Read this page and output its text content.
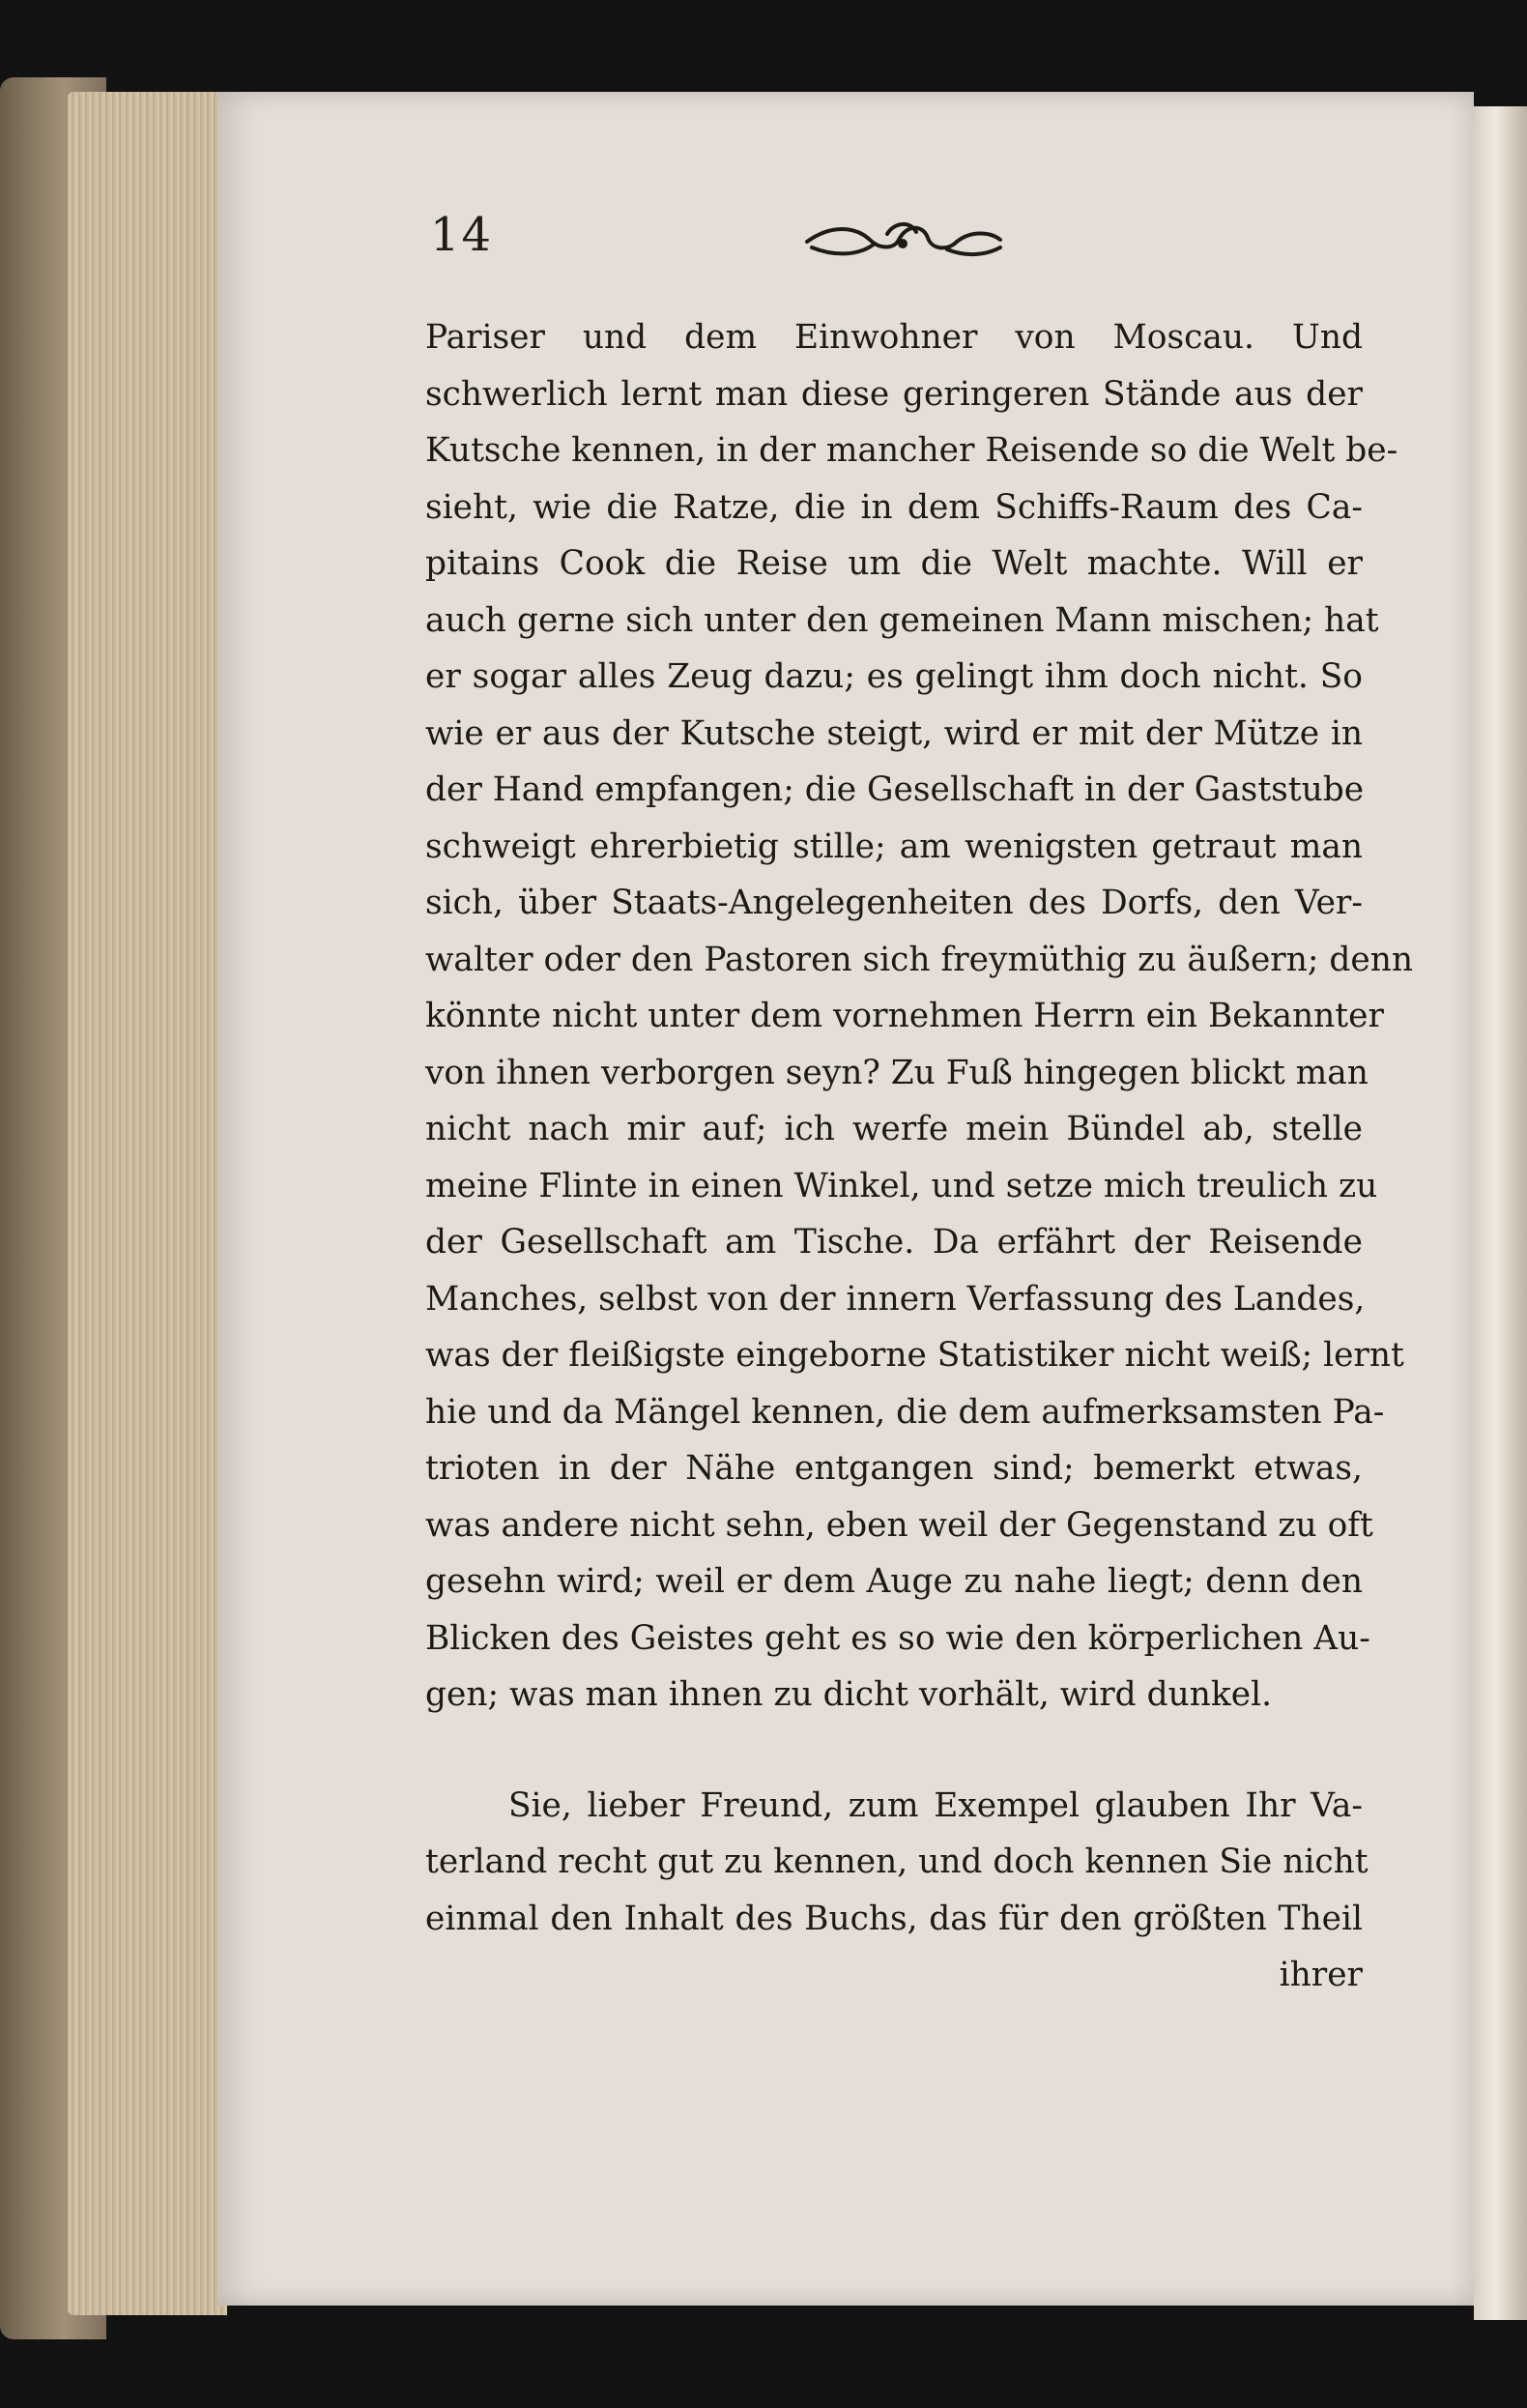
14
Pariser und dem Einwohner von Moscau. Und
schwerlich lernt man diese geringeren Stände aus der
Kutsche kennen, in der mancher Reisende so die Welt be-
sieht, wie die Ratze, die in dem Schiffs-Raum des Ca-
pitains Cook die Reise um die Welt machte. Will er
auch gerne sich unter den gemeinen Mann mischen; hat
er sogar alles Zeug dazu; es gelingt ihm doch nicht. So
wie er aus der Kutsche steigt, wird er mit der Mütze in
der Hand empfangen; die Gesellschaft in der Gaststube
schweigt ehrerbietig stille; am wenigsten getraut man
sich, über Staats-Angelegenheiten des Dorfs, den Ver-
walter oder den Pastoren sich freymüthig zu äußern; denn
könnte nicht unter dem vornehmen Herrn ein Bekannter
von ihnen verborgen seyn? Zu Fuß hingegen blickt man
nicht nach mir auf; ich werfe mein Bündel ab, stelle
meine Flinte in einen Winkel, und setze mich treulich zu
der Gesellschaft am Tische. Da erfährt der Reisende
Manches, selbst von der innern Verfassung des Landes,
was der fleißigste eingeborne Statistiker nicht weiß; lernt
hie und da Mängel kennen, die dem aufmerksamsten Pa-
trioten in der Nähe entgangen sind; bemerkt etwas,
was andere nicht sehn, eben weil der Gegenstand zu oft
gesehn wird; weil er dem Auge zu nahe liegt; denn den
Blicken des Geistes geht es so wie den körperlichen Au-
gen; was man ihnen zu dicht vorhält, wird dunkel.
Sie, lieber Freund, zum Exempel glauben Ihr Va-
terland recht gut zu kennen, und doch kennen Sie nicht
einmal den Inhalt des Buchs, das für den größten Theil
ihrer
